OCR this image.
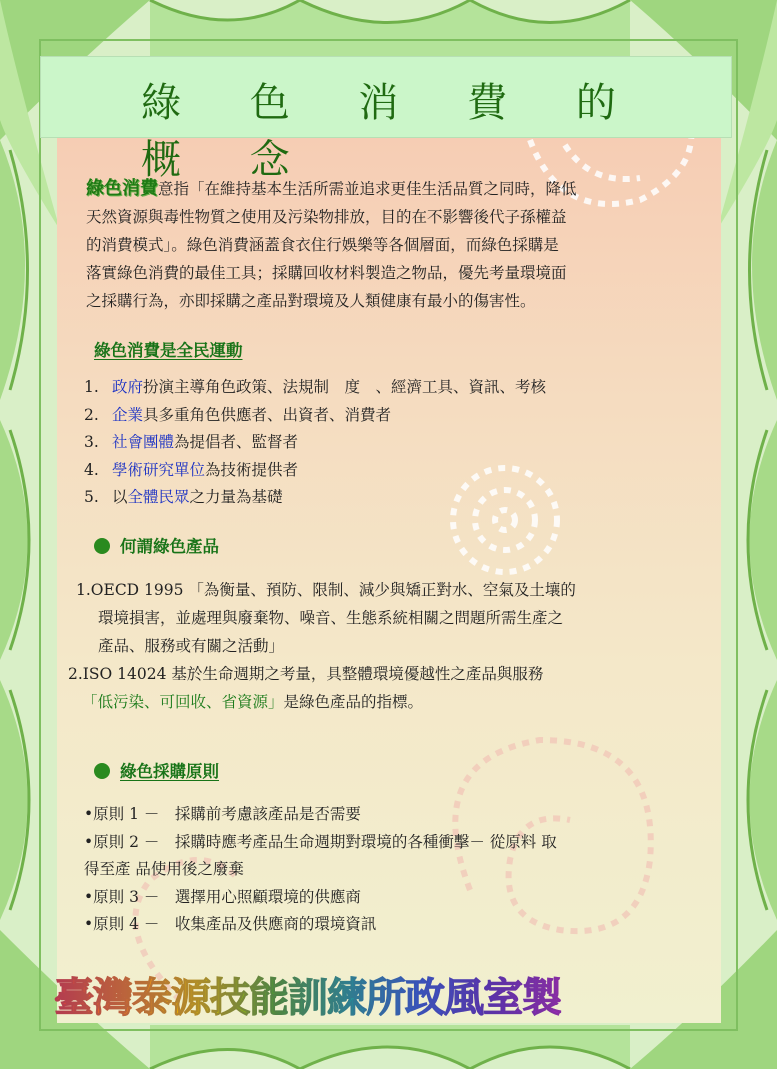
綠 色 消 費 的 概 念
綠色消費意指「在維持基本生活所需並追求更佳生活品質之同時，降低
天然資源與毒性物質之使用及污染物排放，目的在不影響後代子孫權益
的消費模式」。綠色消費涵蓋食衣住行娛樂等各個層面，而綠色採購是
落實綠色消費的最佳工具；採購回收材料製造之物品，優先考量環境面
之採購行為，亦即採購之產品對環境及人類健康有最小的傷害性。
綠色消費是全民運動
1. 政府扮演主導角色政策、法規制　度　、經濟工具、資訊、考核
2. 企業具多重角色供應者、出資者、消費者
3. 社會團體為提倡者、監督者
4. 學術研究單位為技術提供者
5. 以全體民眾之力量為基礎
何謂綠色產品
1.OECD 1995 「為衡量、預防、限制、減少與矯正對水、空氣及土壤的
環境損害，並處理與廢棄物、噪音、生態系統相關之問題所需生產之
產品、服務或有關之活動」
2.ISO 14024 基於生命週期之考量，具整體環境優越性之產品與服務
「低污染、可回收、省資源」是綠色產品的指標。
綠色採購原則
•原則 1 －　採購前考慮該產品是否需要
•原則 2 －　採購時應考產品生命週期對環境的各種衝擊－ 從原料 取
得至產 品使用後之廢棄
•原則 3 －　選擇用心照顧環境的供應商
•原則 4 －　收集產品及供應商的環境資訊
臺灣泰源技能訓練所政風室製
